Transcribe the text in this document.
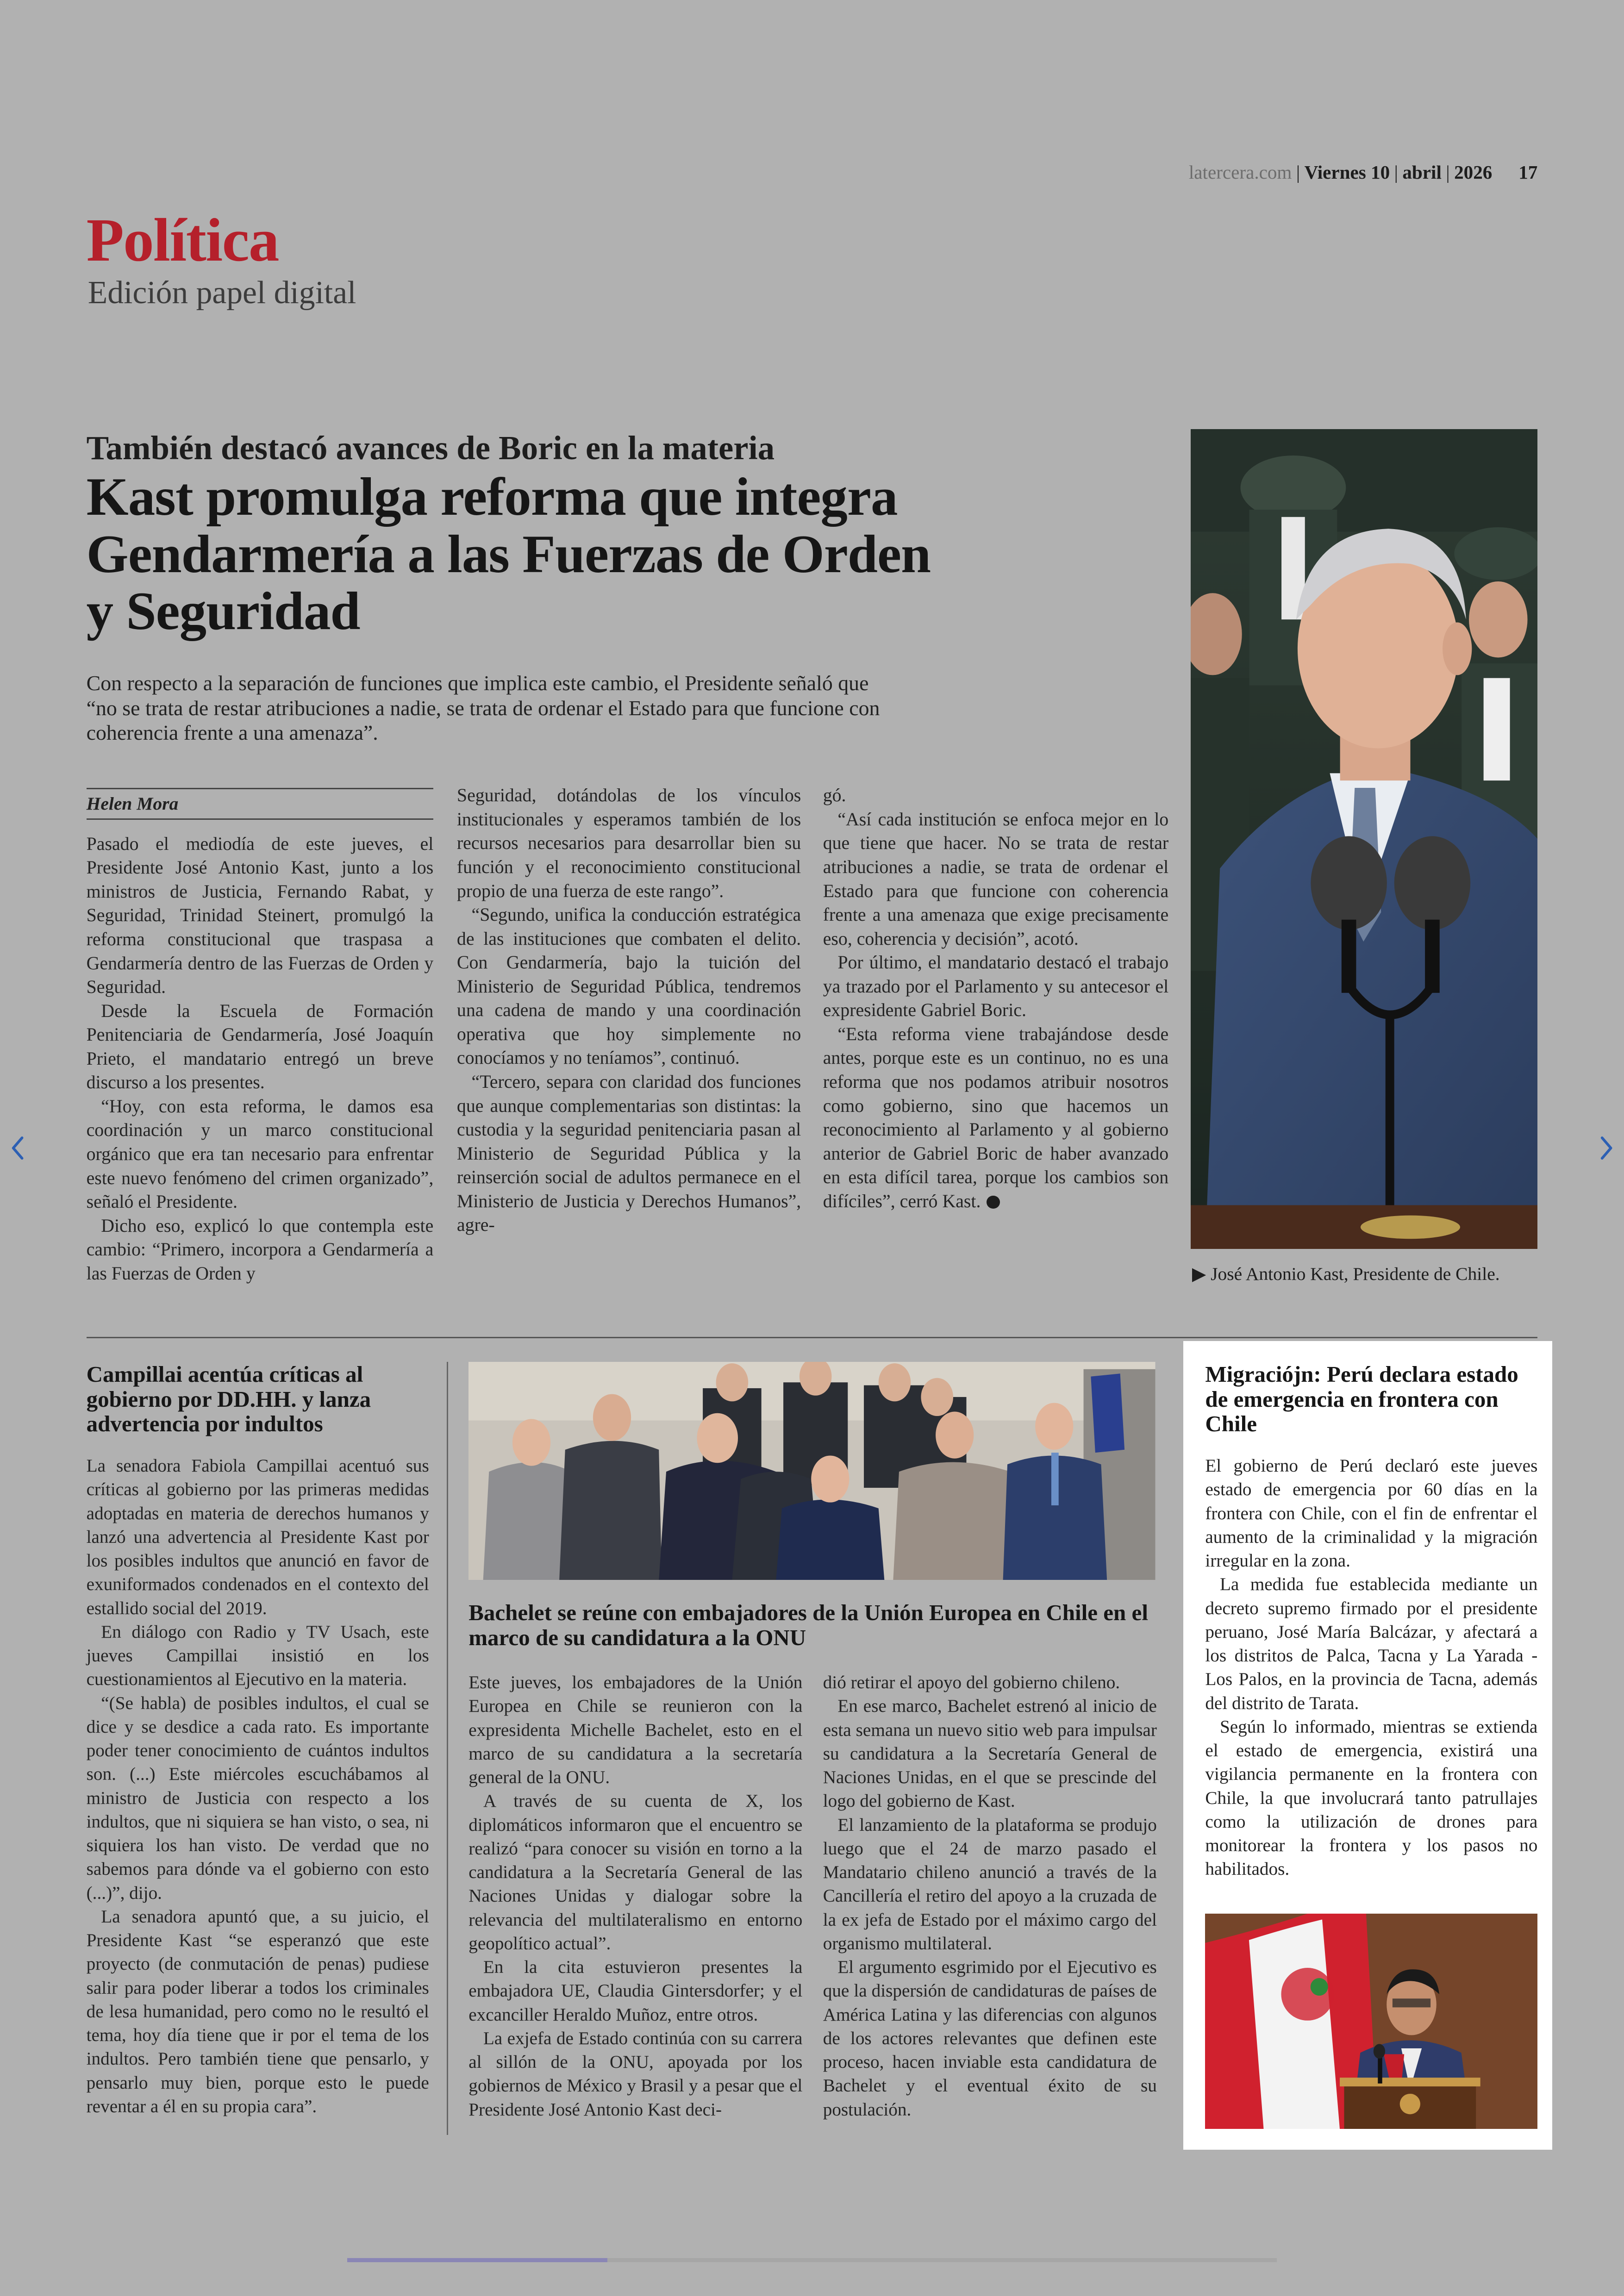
latercera.com | Viernes 10 | abril | 2026	17
Política
Edición papel digital
También destacó avances de Boric en la materia
Kast promulga reforma que integra Gendarmería a las Fuerzas de Orden y Seguridad
Con respecto a la separación de funciones que implica este cambio, el Presidente señaló que “no se trata de restar atribuciones a nadie, se trata de ordenar el Estado para que funcione con coherencia frente a una amenaza”.
Helen Mora

Pasado el mediodía de este jueves, el Presidente José Antonio Kast, junto a los ministros de Justicia, Fernando Rabat, y Seguridad, Trinidad Steinert, promulgó la reforma constitucional que traspasa a Gendarmería dentro de las Fuerzas de Orden y Seguridad.

Desde la Escuela de Formación Penitenciaria de Gendarmería, José Joaquín Prieto, el mandatario entregó un breve discurso a los presentes.

“Hoy, con esta reforma, le damos esa coordinación y un marco constitucional orgánico que era tan necesario para enfrentar este nuevo fenómeno del crimen organizado”, señaló el Presidente.

Dicho eso, explicó lo que contempla este cambio: “Primero, incorpora a Gendarmería a las Fuerzas de Orden y

Seguridad, dotándolas de los vínculos institucionales y esperamos también de los recursos necesarios para desarrollar bien su función y el reconocimiento constitucional propio de una fuerza de este rango”.

“Segundo, unifica la conducción estratégica de las instituciones que combaten el delito. Con Gendarmería, bajo la tuición del Ministerio de Seguridad Pública, tendremos una cadena de mando y una coordinación operativa que hoy simplemente no conocíamos y no teníamos”, continuó.

“Tercero, separa con claridad dos funciones que aunque complementarias son distintas: la custodia y la seguridad penitenciaria pasan al Ministerio de Seguridad Pública y la reinserción social de adultos permanece en el Ministerio de Justicia y Derechos Humanos”, agre-

gó.

“Así cada institución se enfoca mejor en lo que tiene que hacer. No se trata de restar atribuciones a nadie, se trata de ordenar el Estado para que funcione con coherencia frente a una amenaza que exige precisamente eso, coherencia y decisión”, acotó.

Por último, el mandatario destacó el trabajo ya trazado por el Parlamento y su antecesor el expresidente Gabriel Boric.

“Esta reforma viene trabajándose desde antes, porque este es un continuo, no es una reforma que nos podamos atribuir nosotros como gobierno, sino que hacemos un reconocimiento al Parlamento y al gobierno anterior de Gabriel Boric de haber avanzado en esta difícil tarea, porque los cambios son difíciles”, cerró Kast.

▶ José Antonio Kast, Presidente de Chile.
Campillai acentúa críticas al gobierno por DD.HH. y lanza advertencia por indultos

La senadora Fabiola Campillai acentuó sus críticas al gobierno por las primeras medidas adoptadas en materia de derechos humanos y lanzó una advertencia al Presidente Kast por los posibles indultos que anunció en favor de exuniformados condenados en el contexto del estallido social del 2019.

En diálogo con Radio y TV Usach, este jueves Campillai insistió en los cuestionamientos al Ejecutivo en la materia.

“(Se habla) de posibles indultos, el cual se dice y se desdice a cada rato. Es importante poder tener conocimiento de cuántos indultos son. (...) Este miércoles escuchábamos al ministro de Justicia con respecto a los indultos, que ni siquiera se han visto, o sea, ni siquiera los han visto. De verdad que no sabemos para dónde va el gobierno con esto (...)”, dijo.

La senadora apuntó que, a su juicio, el Presidente Kast “se esperanzó que este proyecto (de conmutación de penas) pudiese salir para poder liberar a todos los criminales de lesa humanidad, pero como no le resultó el tema, hoy día tiene que ir por el tema de los indultos. Pero también tiene que pensarlo, y pensarlo muy bien, porque esto le puede reventar a él en su propia cara”.

Bachelet se reúne con embajadores de la Unión Europea en Chile en el marco de su candidatura a la ONU

Este jueves, los embajadores de la Unión Europea en Chile se reunieron con la expresidenta Michelle Bachelet, esto en el marco de su candidatura a la secretaría general de la ONU.

A través de su cuenta de X, los diplomáticos informaron que el encuentro se realizó “para conocer su visión en torno a la candidatura a la Secretaría General de las Naciones Unidas y dialogar sobre la relevancia del multilateralismo en entorno geopolítico actual”.

En la cita estuvieron presentes la embajadora UE, Claudia Gintersdorfer; y el excanciller Heraldo Muñoz, entre otros.

La exjefa de Estado continúa con su carrera al sillón de la ONU, apoyada por los gobiernos de México y Brasil y a pesar que el Presidente José Antonio Kast deci-

dió retirar el apoyo del gobierno chileno.

En ese marco, Bachelet estrenó al inicio de esta semana un nuevo sitio web para impulsar su candidatura a la Secretaría General de Naciones Unidas, en el que se prescinde del logo del gobierno de Kast.

El lanzamiento de la plataforma se produjo luego que el 24 de marzo pasado el Mandatario chileno anunció a través de la Cancillería el retiro del apoyo a la cruzada de la ex jefa de Estado por el máximo cargo del organismo multilateral.

El argumento esgrimido por el Ejecutivo es que la dispersión de candidaturas de países de América Latina y las diferencias con algunos de los actores relevantes que definen este proceso, hacen inviable esta candidatura de Bachelet y el eventual éxito de su postulación.

Migraciójn: Perú declara estado de emergencia en frontera con Chile

El gobierno de Perú declaró este jueves estado de emergencia por 60 días en la frontera con Chile, con el fin de enfrentar el aumento de la criminalidad y la migración irregular en la zona.

La medida fue establecida mediante un decreto supremo firmado por el presidente peruano, José María Balcázar, y afectará a los distritos de Palca, Tacna y La Yarada - Los Palos, en la provincia de Tacna, además del distrito de Tarata.

Según lo informado, mientras se extienda el estado de emergencia, existirá una vigilancia permanente en la frontera con Chile, la que involucrará tanto patrullajes como la utilización de drones para monitorear la frontera y los pasos no habilitados.
